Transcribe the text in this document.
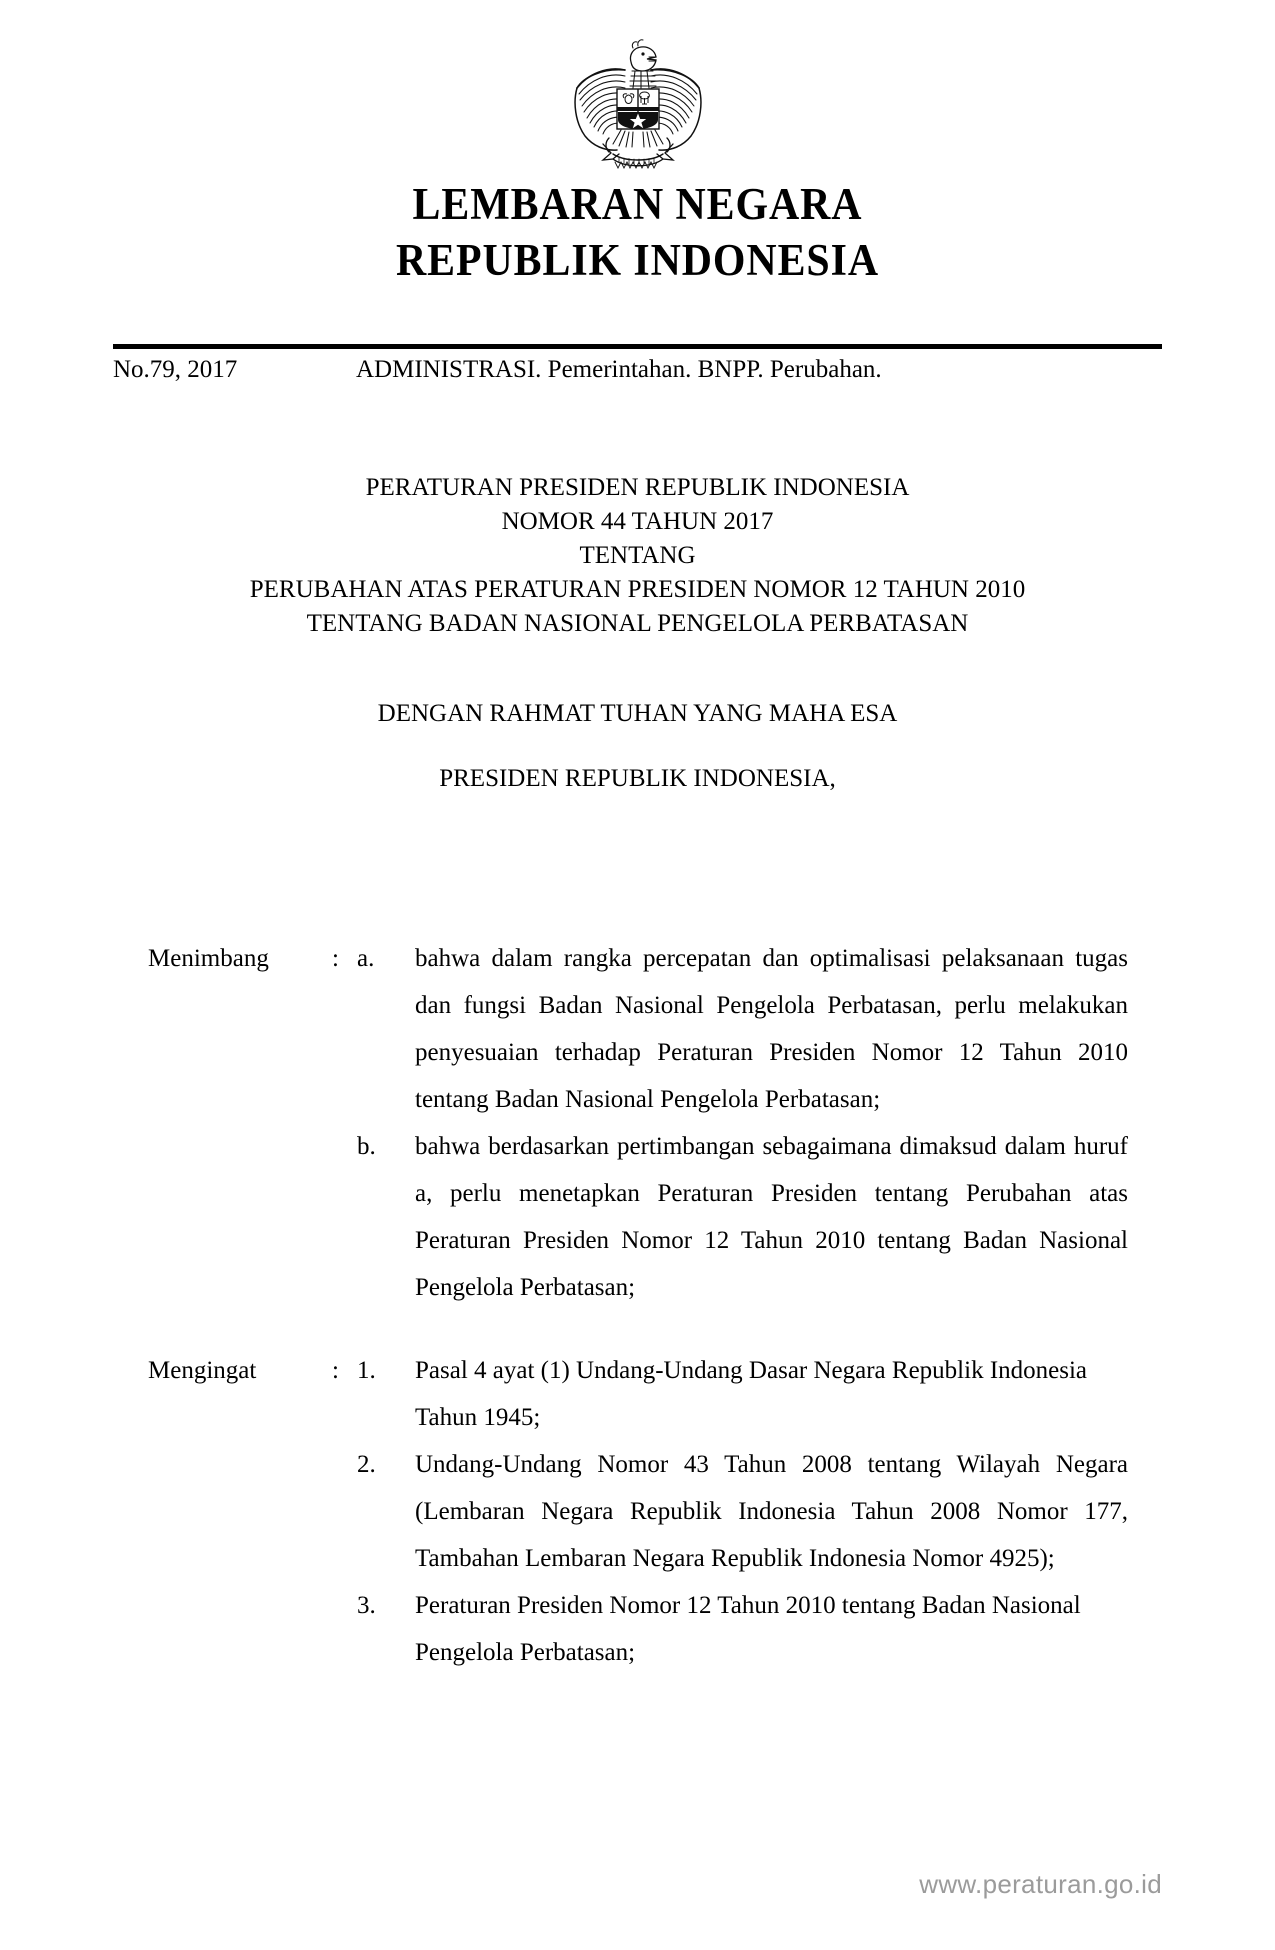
LEMBARAN NEGARA
REPUBLIK INDONESIA
No.79, 2017	ADMINISTRASI. Pemerintahan. BNPP. Perubahan.
PERATURAN PRESIDEN REPUBLIK INDONESIA
NOMOR 44 TAHUN 2017
TENTANG
PERUBAHAN ATAS PERATURAN PRESIDEN NOMOR 12 TAHUN 2010
TENTANG BADAN NASIONAL PENGELOLA PERBATASAN
DENGAN RAHMAT TUHAN YANG MAHA ESA
PRESIDEN REPUBLIK INDONESIA,
Menimbang	: a.	bahwa dalam rangka percepatan dan optimalisasi pelaksanaan tugas dan fungsi Badan Nasional Pengelola Perbatasan, perlu melakukan penyesuaian terhadap Peraturan Presiden Nomor 12 Tahun 2010 tentang Badan Nasional Pengelola Perbatasan;
b.	bahwa berdasarkan pertimbangan sebagaimana dimaksud dalam huruf a, perlu menetapkan Peraturan Presiden tentang Perubahan atas Peraturan Presiden Nomor 12 Tahun 2010 tentang Badan Nasional Pengelola Perbatasan;
Mengingat	: 1.	Pasal 4 ayat (1) Undang-Undang Dasar Negara Republik Indonesia Tahun 1945;
2.	Undang-Undang Nomor 43 Tahun 2008 tentang Wilayah Negara (Lembaran Negara Republik Indonesia Tahun 2008 Nomor 177, Tambahan Lembaran Negara Republik Indonesia Nomor 4925);
3.	Peraturan Presiden Nomor 12 Tahun 2010 tentang Badan Nasional Pengelola Perbatasan;
www.peraturan.go.id
